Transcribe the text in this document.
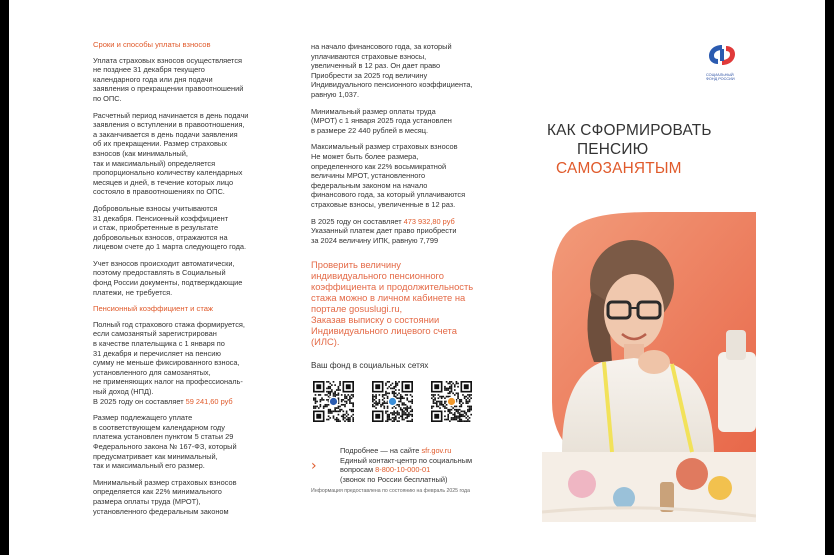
Сроки и способы уплаты взносов

Уплата страховых взносов осуществляется
не позднее 31 декабря текущего
календарного года или дня подачи
заявления о прекращении правоотношений
по ОПС.

Расчетный период начинается в день подачи
заявления о вступлении в правоотношения,
а заканчивается в день подачи заявления
об их прекращении. Размер страховых
взносов (как минимальный,
так и максимальный) определяется
пропорционально количеству календарных
месяцев и дней, в течение которых лицо
состояло в правоотношениях по ОПС.

Добровольные взносы учитываются
31 декабря. Пенсионный коэффициент
и стаж, приобретенные в результате
добровольных взносов, отражаются на
лицевом счете до 1 марта следующего года.

Учет взносов происходит автоматически,
поэтому предоставлять в Социальный
фонд России документы, подтверждающие
платежи, не требуется.

Пенсионный коэффициент и стаж

Полный год страхового стажа формируется,
если самозанятый зарегистрирован
в качестве плательщика с 1 января по
31 декабря и перечисляет на пенсию
сумму не меньше фиксированного взноса,
установленного для самозанятых,
не применяющих налог на профессиональ-
ный доход (НПД).

В 2025 году он составляет 59 241,60 руб

Размер подлежащего уплате
в соответствующем календарном году
платежа установлен пунктом 5 статьи 29
Федерального закона № 167-ФЗ, который
предусматривает как минимальный,
так и максимальный его размер.

Минимальный размер страховых взносов
определяется как 22% минимального
размера оплаты труда (МРОТ),
установленного федеральным законом

на начало финансового года, за который
уплачиваются страховые взносы,
увеличенный в 12 раз. Он дает право
Приобрести за 2025 год величину
Индивидуального пенсионного коэффициента,
равную 1,037.

Минимальный размер оплаты труда
(МРОТ) с 1 января 2025 года установлен
в размере 22 440 рублей в месяц.

Максимальный размер страховых взносов
Не может быть более размера,
определенного как 22% восьмикратной
величины МРОТ, установленного
федеральным законом на начало
финансового года, за который уплачиваются
страховые взносы, увеличенные в 12 раз.

В 2025 году он составляет 473 932,80 руб

Указанный платеж дает право приобрести
за 2024 величину ИПК, равную 7,799

Проверить величину
индивидуального пенсионного
коэффициента и продолжительность
стажа можно в личном кабинете на
портале gosuslugi.ru,
Заказав выписку о состоянии
Индивидуального лицевого счета
(ИЛС).
Ваш фонд в социальных сетях
›
Подробнее — на сайте sfr.gov.ru
Единый контакт-центр по социальным
вопросам 8-800-10-000-01
(звонок по России бесплатный)
Информация предоставлена по состоянию на февраль 2025 года
СОЦИАЛЬНЫЙ
ФОНД РОССИИ
КАК СФОРМИРОВАТЬ
ПЕНСИЮ
САМОЗАНЯТЫМ
